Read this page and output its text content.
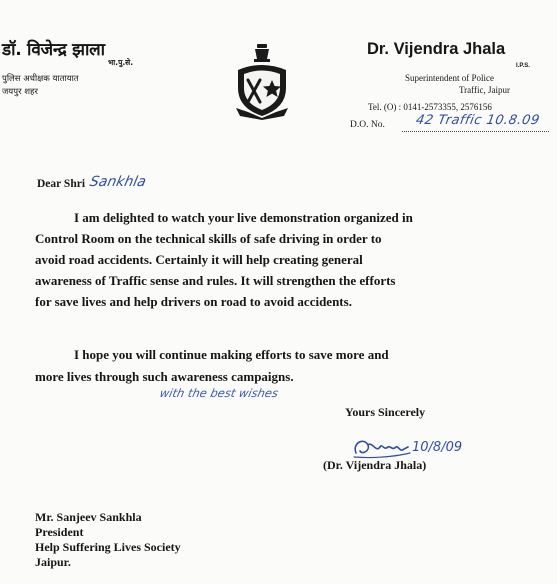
डॉ. विजेन्द्र झाला
भा.पु.से.
पुलिस अधीक्षक यातायात
जयपुर शहर
Dr. Vijendra Jhala
I.P.S.
Superintendent of Police
Traffic, Jaipur
Tel. (O) : 0141-2573355, 2576156
D.O. No. 42 Traffic 10.8.09
Dear Shri Sankhla
I am delighted to watch your live demonstration organized in
Control Room on the technical skills of safe driving in order to
avoid road accidents. Certainly it will help creating general
awareness of Traffic sense and rules. It will strengthen the efforts
for save lives and help drivers on road to avoid accidents.
I hope you will continue making efforts to save more and
more lives through such awareness campaigns.
with the best wishes
Yours Sincerely
10/8/09
(Dr. Vijendra Jhala)
Mr. Sanjeev Sankhla
President
Help Suffering Lives Society
Jaipur.
